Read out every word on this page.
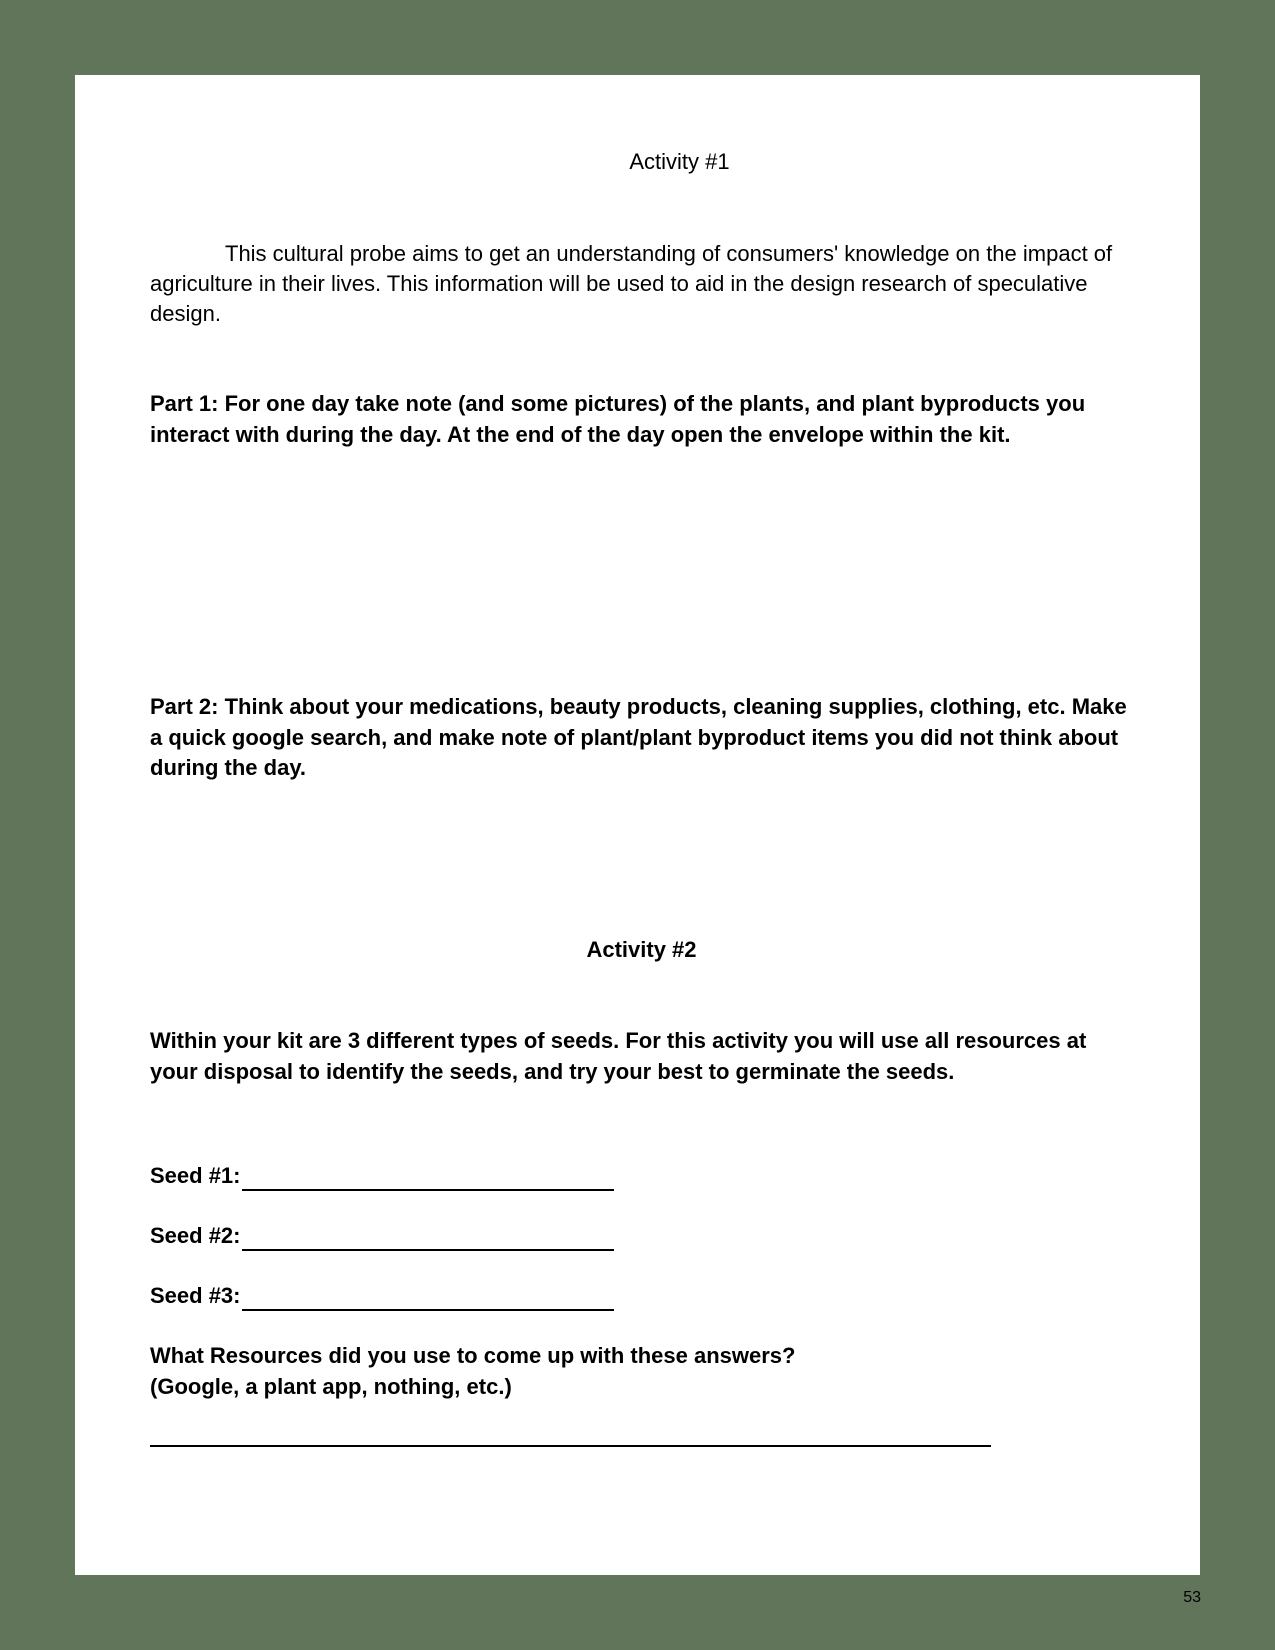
Activity #1

This cultural probe aims to get an understanding of consumers' knowledge on the impact of agriculture in their lives. This information will be used to aid in the design research of speculative design.

Part 1: For one day take note (and some pictures) of the plants, and plant byproducts you interact with during the day. At the end of the day open the envelope within the kit.

Part 2: Think about your medications, beauty products, cleaning supplies, clothing, etc. Make a quick google search, and make note of plant/plant byproduct items you did not think about during the day.

Activity #2

Within your kit are 3 different types of seeds. For this activity you will use all resources at your disposal to identify the seeds, and try your best to germinate the seeds.

Seed #1:
Seed #2:
Seed #3:
What Resources did you use to come up with these answers?
(Google, a plant app, nothing, etc.)
53
